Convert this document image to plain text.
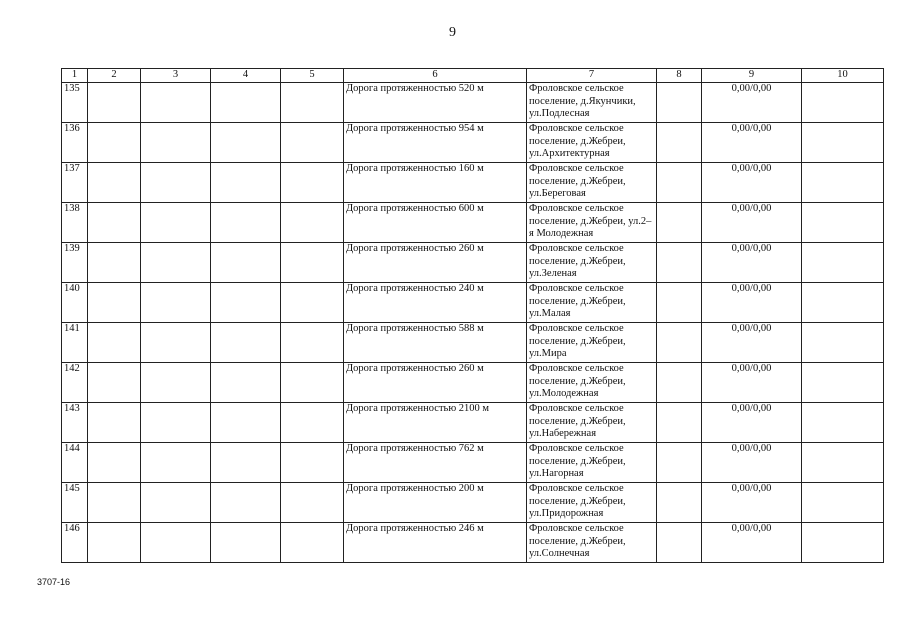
9
1	2	3	4	5	6	7	8	9	10
135					Дорога протяженностью 520 м	Фроловское сельское поселение, д.Якунчики, ул.Подлесная		0,00/0,00	
136					Дорога протяженностью 954 м	Фроловское сельское поселение, д.Жебреи, ул.Архитектурная		0,00/0,00	
137					Дорога протяженностью 160 м	Фроловское сельское поселение, д.Жебреи, ул.Береговая		0,00/0,00	
138					Дорога протяженностью 600 м	Фроловское сельское поселение, д.Жебреи, ул.2–я Молодежная		0,00/0,00	
139					Дорога протяженностью 260 м	Фроловское сельское поселение, д.Жебреи, ул.Зеленая		0,00/0,00	
140					Дорога протяженностью 240 м	Фроловское сельское поселение, д.Жебреи, ул.Малая		0,00/0,00	
141					Дорога протяженностью 588 м	Фроловское сельское поселение, д.Жебреи, ул.Мира		0,00/0,00	
142					Дорога протяженностью 260 м	Фроловское сельское поселение, д.Жебреи, ул.Молодежная		0,00/0,00	
143					Дорога протяженностью 2100 м	Фроловское сельское поселение, д.Жебреи, ул.Набережная		0,00/0,00	
144					Дорога протяженностью 762 м	Фроловское сельское поселение, д.Жебреи, ул.Нагорная		0,00/0,00	
145					Дорога протяженностью 200 м	Фроловское сельское поселение, д.Жебреи, ул.Придорожная		0,00/0,00	
146					Дорога протяженностью 246 м	Фроловское сельское поселение, д.Жебреи, ул.Солнечная		0,00/0,00	
3707-16
